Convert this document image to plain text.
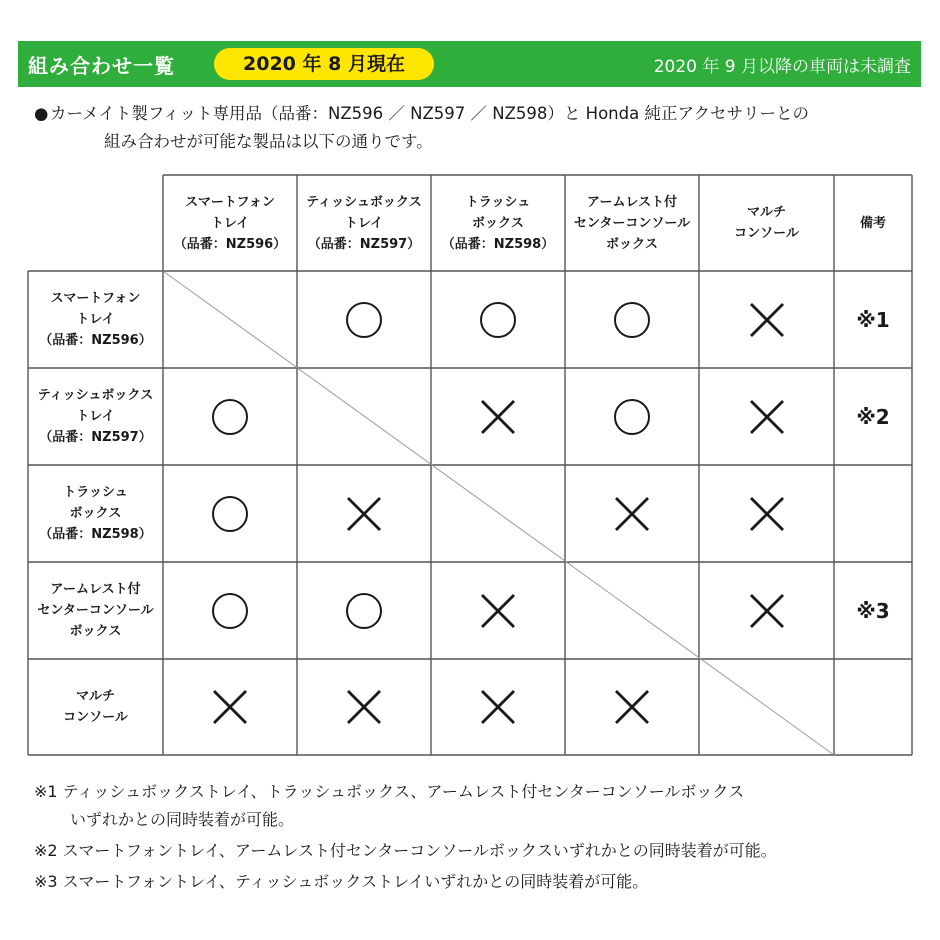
組み合わせ一覧	2020 年 8 月現在	2020 年 9 月以降の車両は未調査
● カーメイト製フィット専用品（品番：NZ596 ／ NZ597 ／ NZ598）と Honda 純正アクセサリーとの
組み合わせが可能な製品は以下の通りです。
スマートフォン
トレイ
（品番：NZ596）
ティッシュボックス
トレイ
（品番：NZ597）
トラッシュ
ボックス
（品番：NZ598）
アームレスト付
センターコンソール
ボックス
マルチ
コンソール
備考
スマートフォン
トレイ
（品番：NZ596）
※1
ティッシュボックス
トレイ
（品番：NZ597）
※2
トラッシュ
ボックス
（品番：NZ598）
アームレスト付
センターコンソール
ボックス
※3
マルチ
コンソール
※1 ティッシュボックストレイ、トラッシュボックス、アームレスト付センターコンソールボックス
いずれかとの同時装着が可能。
※2 スマートフォントレイ、アームレスト付センターコンソールボックスいずれかとの同時装着が可能。
※3 スマートフォントレイ、ティッシュボックストレイいずれかとの同時装着が可能。
